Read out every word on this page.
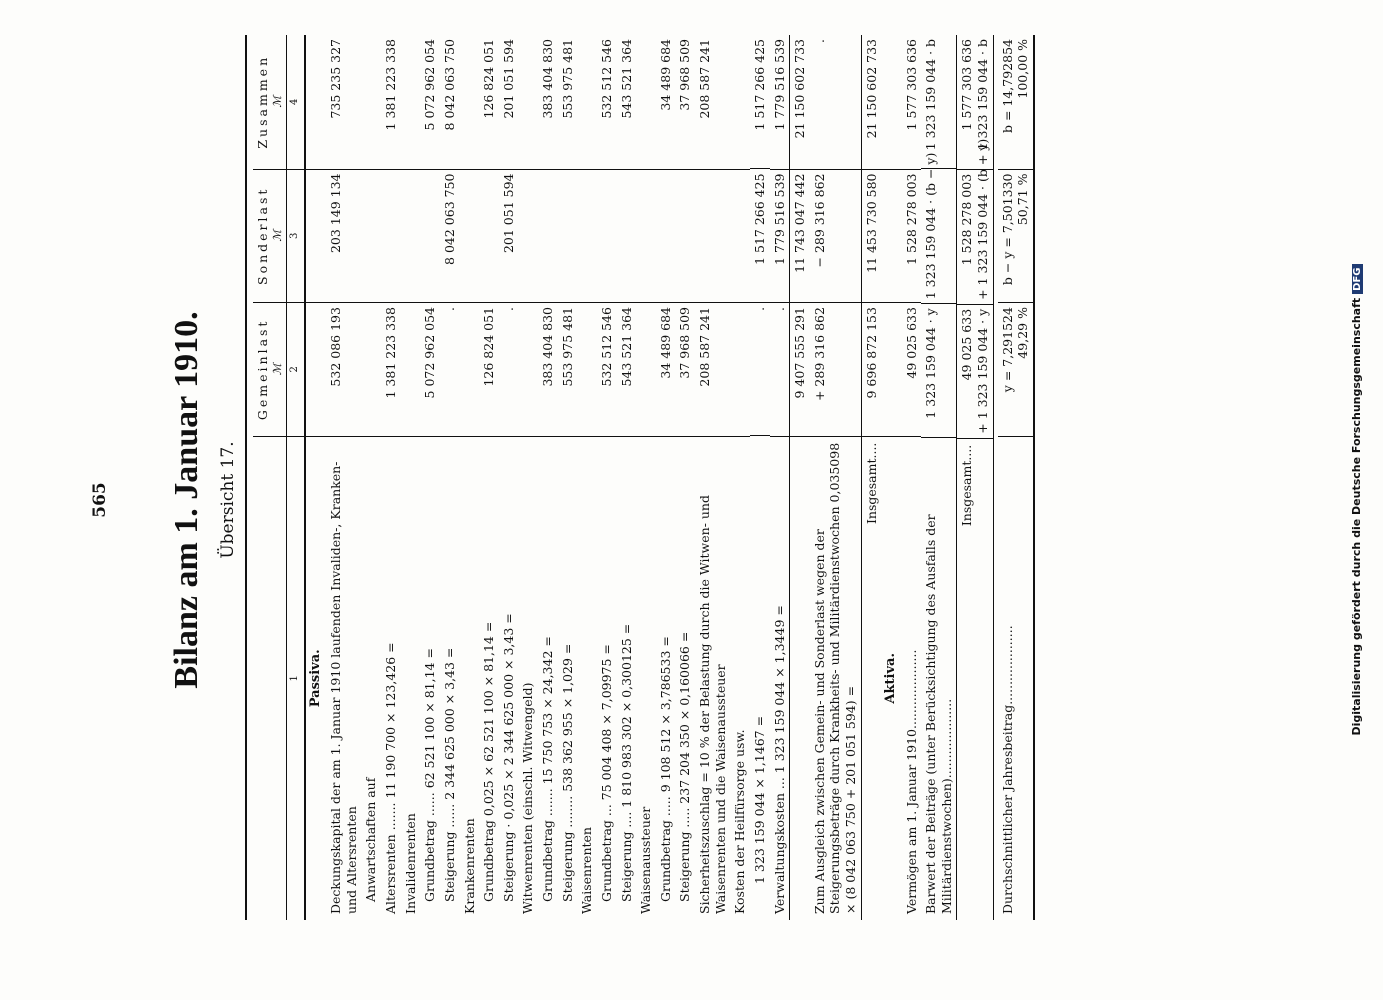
565 Bilanz am 1. Januar 1910. Übersicht 17.
Gemeinlast ℳ
Sonderlast ℳ
Zusammen ℳ
1
2
3
4
Passiva. Deckungskapital der am 1. Januar 1910 laufenden Invaliden-, Kranken- und Altersrenten
532 086 193
203 149 134
735 235 327
Anwartschaften auf Altersrenten ....... 11 190 700 × 123,426 =
1 381 223 338
1 381 223 338
Invalidenrenten Grundbetrag ...... 62 521 100 × 81,14 =
5 072 962 054
5 072 962 054
Steigerung ...... 2 344 625 000 × 3,43 =
.
8 042 063 750
8 042 063 750
Krankenrenten Grundbetrag 0,025 × 62 521 100 × 81,14 =
126 824 051
126 824 051
Steigerung · 0,025 × 2 344 625 000 × 3,43 =
.
201 051 594
201 051 594
Witwenrenten (einschl. Witwengeld) Grundbetrag ....... 15 750 753 × 24,342 =
383 404 830
383 404 830
Steigerung ........ 538 362 955 × 1,029 =
553 975 481
553 975 481
Waisenrenten Grundbetrag ... 75 004 408 × 7,09975 =
532 512 546
532 512 546
Steigerung .... 1 810 983 302 × 0,300125 =
543 521 364
543 521 364
Waisenaussteuer Grundbetrag ..... 9 108 512 × 3,786533 =
34 489 684
34 489 684
Steigerung ..... 237 204 350 × 0,160066 =
37 968 509
37 968 509
Sicherheitszuschlag = 10 % der Belastung durch die Witwen- und Waisenrenten und die Waisenaussteuer
208 587 241
208 587 241
Kosten der Heilfürsorge usw. 1 323 159 044 × 1,1467 =
.
1 517 266 425
1 517 266 425
Verwaltungskosten ... 1 323 159 044 × 1,3449 =
.
1 779 516 539
1 779 516 539
9 407 555 291
11 743 047 442
21 150 602 733
Zum Ausgleich zwischen Gemein- und Sonderlast wegen der Steigerungsbeträge durch Krankheits- und Militärdienstwochen 0,035098 × (8 042 063 750 + 201 051 594) =
+ 289 316 862
− 289 316 862
.
Insgesamt....
9 696 872 153
11 453 730 580
21 150 602 733
Aktiva. Vermögen am 1. Januar 1910....................
49 025 633
1 528 278 003
1 577 303 636
Barwert der Beiträge (unter Berücksichtigung des Ausfalls der Militärdienstwochen)....................
1 323 159 044 · y
1 323 159 044 · (b − y)
1 323 159 044 · b
Insgesamt....
49 025 633 + 1 323 159 044 · y
1 528 278 003 + 1 323 159 044 · (b − y)
1 577 303 636 + 1 323 159 044 · b
Durchschnittlicher Jahresbeitrag....................
y = 7,291524 49,29 %
b − y = 7,501330 50,71 %
b = 14,792854 100,00 %
Digitalisierung gefördert durch die Deutsche ForschungsgemeinschaftDFG
